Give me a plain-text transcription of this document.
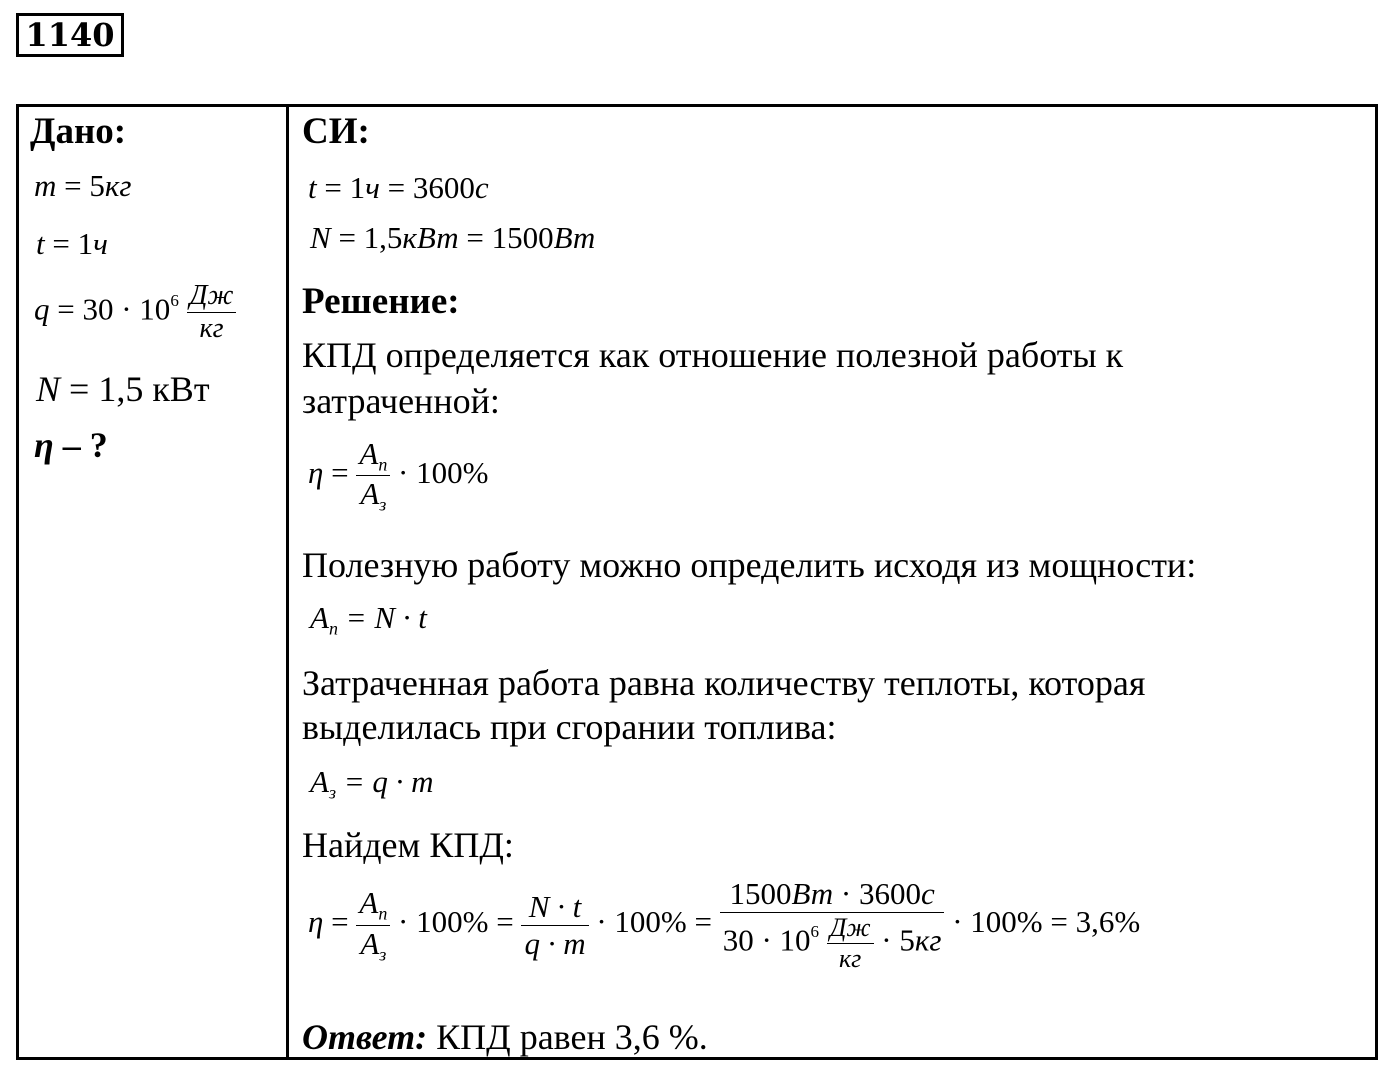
1140
Дано:
m = 5кг
t = 1ч
$q = 30 \cdot 10^6 \frac{Дж}{кг}$
N = 1,5 кВт
η – ?
СИ:
t = 1ч = 3600с
N = 1,5кВт = 1500Вт
Решение:
КПД определяется как отношение полезной работы к
затраченной:
$\eta = \frac{A_п}{A_з} \cdot 100\%$
Полезную работу можно определить исходя из мощности:
$A_п = N \cdot t$
Затраченная работа равна количеству теплоты, которая
выделилась при сгорании топлива:
$A_з = q \cdot m$
Найдем КПД:
$\eta = \frac{A_п}{A_з} \cdot 100\% = \frac{N \cdot t}{q \cdot m} \cdot 100\% = \frac{1500Вт \cdot 3600с}{30 \cdot 10^6 \frac{Дж}{кг} \cdot 5кг} \cdot 100\% = 3,6\%$
Ответ: КПД равен 3,6 %.
